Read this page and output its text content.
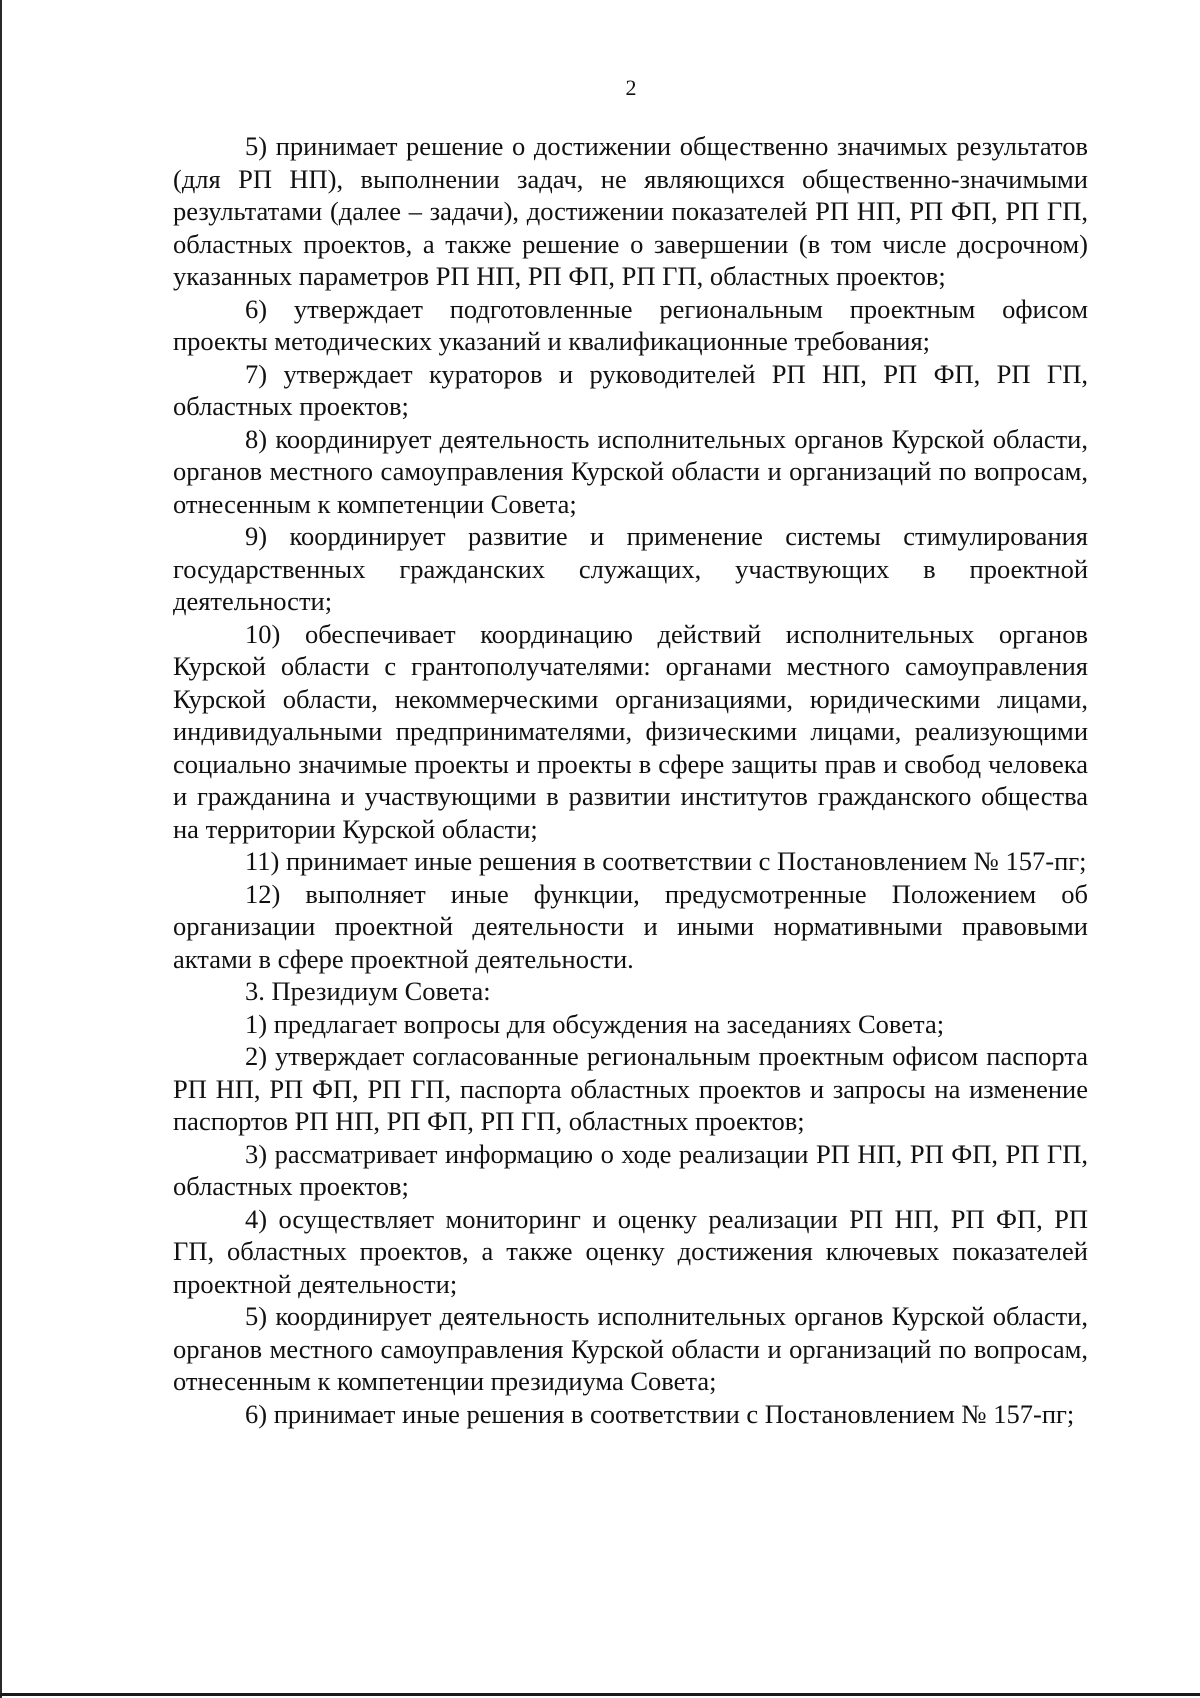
2

5) принимает решение о достижении общественно значимых результатов (для РП НП), выполнении задач, не являющихся общественно-значимыми результатами (далее – задачи), достижении показателей РП НП, РП ФП, РП ГП, областных проектов, а также решение о завершении (в том числе досрочном) указанных параметров РП НП, РП ФП, РП ГП, областных проектов;

6) утверждает подготовленные региональным проектным офисом проекты методических указаний и квалификационные требования;

7) утверждает кураторов и руководителей РП НП, РП ФП, РП ГП, областных проектов;

8) координирует деятельность исполнительных органов Курской области, органов местного самоуправления Курской области и организаций по вопросам, отнесенным к компетенции Совета;

9) координирует развитие и применение системы стимулирования государственных гражданских служащих, участвующих в проектной деятельности;

10) обеспечивает координацию действий исполнительных органов Курской области с грантополучателями: органами местного самоуправления Курской области, некоммерческими организациями, юридическими лицами, индивидуальными предпринимателями, физическими лицами, реализующими социально значимые проекты и проекты в сфере защиты прав и свобод человека и гражданина и участвующими в развитии институтов гражданского общества на территории Курской области;

11) принимает иные решения в соответствии с Постановлением № 157-пг;

12) выполняет иные функции, предусмотренные Положением об организации проектной деятельности и иными нормативными правовыми актами в сфере проектной деятельности.

3. Президиум Совета:

1) предлагает вопросы для обсуждения на заседаниях Совета;

2) утверждает согласованные региональным проектным офисом паспорта РП НП, РП ФП, РП ГП, паспорта областных проектов и запросы на изменение паспортов РП НП, РП ФП, РП ГП, областных проектов;

3) рассматривает информацию о ходе реализации РП НП, РП ФП, РП ГП, областных проектов;

4) осуществляет мониторинг и оценку реализации РП НП, РП ФП, РП ГП, областных проектов, а также оценку достижения ключевых показателей проектной деятельности;

5) координирует деятельность исполнительных органов Курской области, органов местного самоуправления Курской области и организаций по вопросам, отнесенным к компетенции президиума Совета;

6) принимает иные решения в соответствии с Постановлением № 157-пг;
